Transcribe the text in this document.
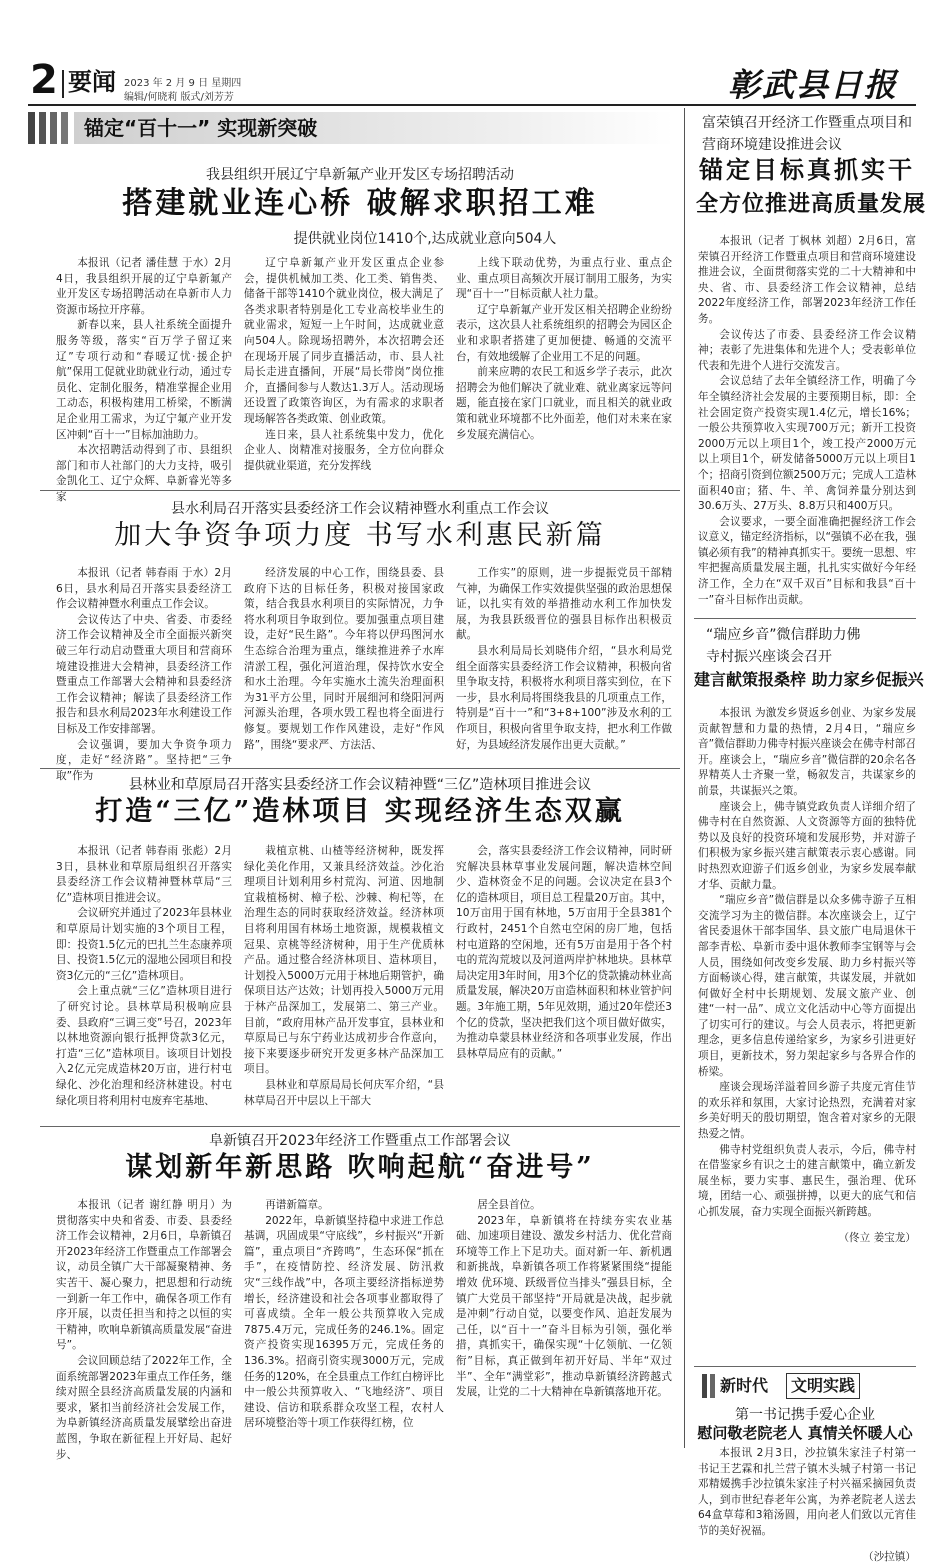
2 要闻 2023 年 2 月 9 日 星期四
编辑/何晓莉 版式/刘芳芳	彰武县日报
锚定“百十一” 实现新突破
我县组织开展辽宁阜新氟产业开发区专场招聘活动
搭建就业连心桥 破解求职招工难
提供就业岗位1410个,达成就业意向504人

本报讯（记者 潘佳慧 于水）2月4日，我县组织开展的辽宁阜新氟产业开发区专场招聘活动在阜新市人力资源市场拉开序幕。

新春以来，县人社系统全面提升服务等级，落实“百万学子留辽来辽”专项行动和“春暖辽忧·援企护航”保用工促就业助就业行动，通过专员化、定制化服务，精准掌握企业用工动态，积极构建用工桥梁，不断满足企业用工需求，为辽宁氟产业开发区冲刺“百十一”目标加油助力。

本次招聘活动得到了市、县组织部门和市人社部门的大力支持，吸引金凯化工、辽宁众辉、阜新睿光等多家

辽宁阜新氟产业开发区重点企业参会，提供机械加工类、化工类、销售类、储备干部等1410个就业岗位，极大满足了各类求职者特别是化工专业高校毕业生的就业需求，短短一上午时间，达成就业意向504人。除现场招聘外，本次招聘会还在现场开展了同步直播活动，市、县人社局长走进直播间，开展“局长带岗”岗位推介，直播间参与人数达1.3万人。活动现场还设置了政策咨询区，为有需求的求职者现场解答各类政策、创业政策。

连日来，县人社系统集中发力，优化企业人、岗精准对接服务，全方位向群众提供就业渠道，充分发挥线

上线下联动优势，为重点行业、重点企业、重点项目高频次开展订制用工服务，为实现“百十一”目标贡献人社力量。

辽宁阜新氟产业开发区相关招聘企业纷纷表示，这次县人社系统组织的招聘会为园区企业和求职者搭建了更加便捷、畅通的交流平台，有效地缓解了企业用工不足的问题。

前来应聘的农民工和返乡学子表示，此次招聘会为他们解决了就业难、就业离家远等问题，能直接在家门口就业，而且相关的就业政策和就业环境都不比外面差，他们对未来在家乡发展充满信心。

县水利局召开落实县委经济工作会议精神暨水利重点工作会议
加大争资争项力度 书写水利惠民新篇

本报讯（记者 韩春雨 于水）2月6日，县水利局召开落实县委经济工作会议精神暨水利重点工作会议。

会议传达了中央、省委、市委经济工作会议精神及全市全面振兴新突破三年行动启动暨重大项目和营商环境建设推进大会精神，县委经济工作暨重点工作部署大会精神和县委经济工作会议精神；解读了县委经济工作报告和县水利局2023年水利建设工作目标及工作安排部署。

会议强调，要加大争资争项力度，走好“经济路”。坚持把“三争取”作为

经济发展的中心工作，围绕县委、县政府下达的目标任务，积极对接国家政策，结合我县水利项目的实际情况，力争将水利项目争取到位。要加强重点项目建设，走好“民生路”。今年将以伊玛图河水生态综合治理为重点，继续推进养子水库清淤工程，强化河道治理，保持饮水安全和水土治理。今年实施水土流失治理面积为31平方公里，同时开展细河和绕阳河两河源头治理，各项水毁工程也将全面进行修复。要规划工作作风建设，走好“作风路”，围绕“要求严、方法活、

工作实”的原则，进一步提振党员干部精气神，为确保工作实效提供坚强的政治思想保证，以扎实有效的举措推动水利工作加快发展，为我县跃级晋位的强县目标作出积极贡献。

县水利局局长刘晓伟介绍，“县水利局党组全面落实县委经济工作会议精神，积极向省里争取支持，积极将水利项目落实到位，在下一步，县水利局将围绕我县的几项重点工作，特别是“百十一”和“3+8+100”涉及水利的工作项目，积极向省里争取支持，把水利工作做好，为县域经济发展作出更大贡献。”

县林业和草原局召开落实县委经济工作会议精神暨“三亿”造林项目推进会议
打造“三亿”造林项目 实现经济生态双赢

本报讯（记者 韩春雨 张彪）2月3日，县林业和草原局组织召开落实县委经济工作会议精神暨林草局“三亿”造林项目推进会议。

会议研究并通过了2023年县林业和草原局计划实施的3个项目工程，即：投资1.5亿元的巴扎兰生态康养项目、投资1.5亿元的湿地公园项目和投资3亿元的“三亿”造林项目。

会上重点就“三亿”造林项目进行了研究讨论。县林草局积极响应县委、县政府“三调三变”号召，2023年以林地资源向银行抵押贷款3亿元，打造“三亿”造林项目。该项目计划投入2亿元完成造林20万亩，进行村屯绿化、沙化治理和经济林建设。村屯绿化项目将利用村屯废弃宅基地、

栽植京桃、山楂等经济树种，既发挥绿化美化作用，又兼具经济效益。沙化治理项目计划利用乡村荒沟、河道、因地制宜栽植杨树、樟子松、沙棘、枸杞等，在治理生态的同时获取经济效益。经济林项目将利用国有林场土地资源，规模栽植文冠果、京桃等经济树种，用于生产优质林产品。通过整合经济林项目、造林项目，计划投入5000万元用于林地后期管护，确保项目达产达效；计划再投入5000万元用于林产品深加工，发展第二、第三产业。目前，“政府用林产品开发事宜，县林业和草原局已与东宁药业达成初步合作意向，接下来要逐步研究开发更多林产品深加工项目。

县林业和草原局局长何庆军介绍，“县林草局召开中层以上干部大

会，落实县委经济工作会议精神，同时研究解决县林草事业发展问题，解决造林空间少、造林资金不足的问题。会议决定在县3个亿的造林项目，项目总工程量20万亩。其中，10万亩用于国有林地，5万亩用于全县381个行政村，2451个自然屯空闲的房厂地，包括村屯道路的空闲地，还有5万亩是用于各个村屯的荒沟荒坡以及河道两岸护林地块。县林草局决定用3年时间，用3个亿的贷款撬动林业高质量发展，解决20万亩造林面积和林业管护问题。3年施工期，5年见效期，通过20年偿还3个亿的贷款，坚决把我们这个项目做好做实，为推动阜蒙县林业经济和各项事业发展，作出县林草局应有的贡献。”

阜新镇召开2023年经济工作暨重点工作部署会议
谋划新年新思路 吹响起航“奋进号”

本报讯（记者 谢红静 明月）为贯彻落实中央和省委、市委、县委经济工作会议精神，2月6日，阜新镇召开2023年经济工作暨重点工作部署会议，动员全镇广大干部凝聚精神、务实苦干、凝心聚力，把思想和行动统一到新一年工作中，确保各项工作有序开展，以责任担当和持之以恒的实干精神，吹响阜新镇高质量发展“奋进号”。

会议回顾总结了2022年工作，全面系统部署2023年重点工作任务，继续对照全县经济高质量发展的内涵和要求，紧扣当前经济社会发展工作，为阜新镇经济高质量发展擘绘出奋进蓝图，争取在新征程上开好局、起好步、

再谱新篇章。

2022年，阜新镇坚持稳中求进工作总基调，巩固成果“守底线”，乡村振兴“开新篇”，重点项目“齐跨鸣”，生态环保“抓在手”，在疫情防控、经济发展、防汛救灾“三线作战”中，各项主要经济指标逆势增长，经济建设和社会各项事业都取得了可喜成绩。全年一般公共预算收入完成7875.4万元，完成任务的246.1%。固定资产投资实现16395万元，完成任务的136.3%。招商引资实现3000万元，完成任务的120%，在全县重点工作红白榜评比中一般公共预算收入、“飞地经济”、项目建设、信访和联系群众攻坚工程，农村人居环境整治等十项工作获得红榜，位

居全县首位。

2023年，阜新镇将在持续夯实农业基础、加速项目建设、激发乡村活力、优化营商环境等工作上下足功夫。面对新一年、新机遇和新挑战，阜新镇各项工作将紧紧围绕“提能增效 优环境、跃级晋位当排头”强县目标，全镇广大党员干部坚持“开局就是决战，起步就是冲刺”行动自觉，以要变作风、追赶发展为己任，以“百十一”奋斗目标为引领，强化举措，真抓实干，确保实现“十亿领航、一亿领衔”目标，真正做到年初开好局、半年“双过半”、全年“满堂彩”，推动阜新镇经济跨越式发展，让党的二十大精神在阜新镇落地开花。

富荣镇召开经济工作暨重点项目和
营商环境建设推进会议
锚定目标真抓实干
全方位推进高质量发展

本报讯（记者 丁枫林 刘超）2月6日，富荣镇召开经济工作暨重点项目和营商环境建设推进会议，全面贯彻落实党的二十大精神和中央、省、市、县委经济工作会议精神，总结2022年度经济工作，部署2023年经济工作任务。

会议传达了市委、县委经济工作会议精神；表彰了先进集体和先进个人；受表彰单位代表和先进个人进行交流发言。

会议总结了去年全镇经济工作，明确了今年全镇经济社会发展的主要预期目标，即：全社会固定资产投资实现1.4亿元，增长16%；一般公共预算收入实现700万元；新开工投资2000万元以上项目1个，竣工投产2000万元以上项目1个，研发储备5000万元以上项目1个；招商引资到位额2500万元；完成人工造林面积40亩；猪、牛、羊、禽饲养量分别达到30.6万头、27万头、8.8万只和400万只。

会议要求，一要全面准确把握经济工作会议意义，锚定经济指标，以“强镇不必在我，强镇必须有我”的精神真抓实干。要统一思想、牢牢把握高质量发展主题，扎扎实实做好今年经济工作，全力在“双千双百”目标和我县“百十一”奋斗目标作出贡献。

“瑞应乡音”微信群助力佛
寺村振兴座谈会召开
建言献策报桑梓 助力家乡促振兴

本报讯 为激发乡贤返乡创业、为家乡发展贡献智慧和力量的热情，2月4日，“瑞应乡音”微信群助力佛寺村振兴座谈会在佛寺村部召开。座谈会上，“瑞应乡音”微信群的20余名各界精英人士齐聚一堂，畅叙发言，共谋家乡的前景，共谋振兴之策。

座谈会上，佛寺镇党政负责人详细介绍了佛寺村在自然资源、人文资源等方面的独特优势以及良好的投资环境和发展形势，并对游子们积极为家乡振兴建言献策表示衷心感谢。同时热烈欢迎游子们返乡创业，为家乡发展奉献才华、贡献力量。

“瑞应乡音”微信群是以众多佛寺游子互相交流学习为主的微信群。本次座谈会上，辽宁省民委退休干部李国华、县文旅广电局退休干部李青松、阜新市委中退休教师李宝钢等与会人员，围绕如何改变乡发展、助力乡村振兴等方面畅谈心得，建言献策，共谋发展，并就如何做好全村中长期规划、发展文旅产业、创建“一村一品”、成立文化活动中心等方面提出了切实可行的建议。与会人员表示，将把更新理念，更多信息传递给家乡，为家乡引进更好项目，更新技术，努力架起家乡与各界合作的桥梁。

座谈会现场洋溢着回乡游子共度元宵佳节的欢乐祥和氛围，大家讨论热烈，充满着对家乡美好明天的殷切期望，饱含着对家乡的无限热爱之情。

佛寺村党组织负责人表示，今后，佛寺村在借鉴家乡有识之士的建言献策中，确立新发展坐标，要力实事、惠民生，强治理、优环境，团结一心、顽强拼搏，以更大的底气和信心抓发展，奋力实现全面振兴新跨越。

（佟立 姜宝龙）

新时代	文明实践
第一书记携手爱心企业
慰问敬老院老人 真情关怀暖人心

本报讯 2月3日，沙拉镇朱家洼子村第一书记王艺霖和扎兰营子镇木头城子村第一书记邓精媛携手沙拉镇朱家洼子村兴福采摘园负责人，到市世纪春老年公寓，为养老院老人送去64盒草莓和3箱汤圆，用向老人们致以元宵佳节的美好祝福。

（沙拉镇）
